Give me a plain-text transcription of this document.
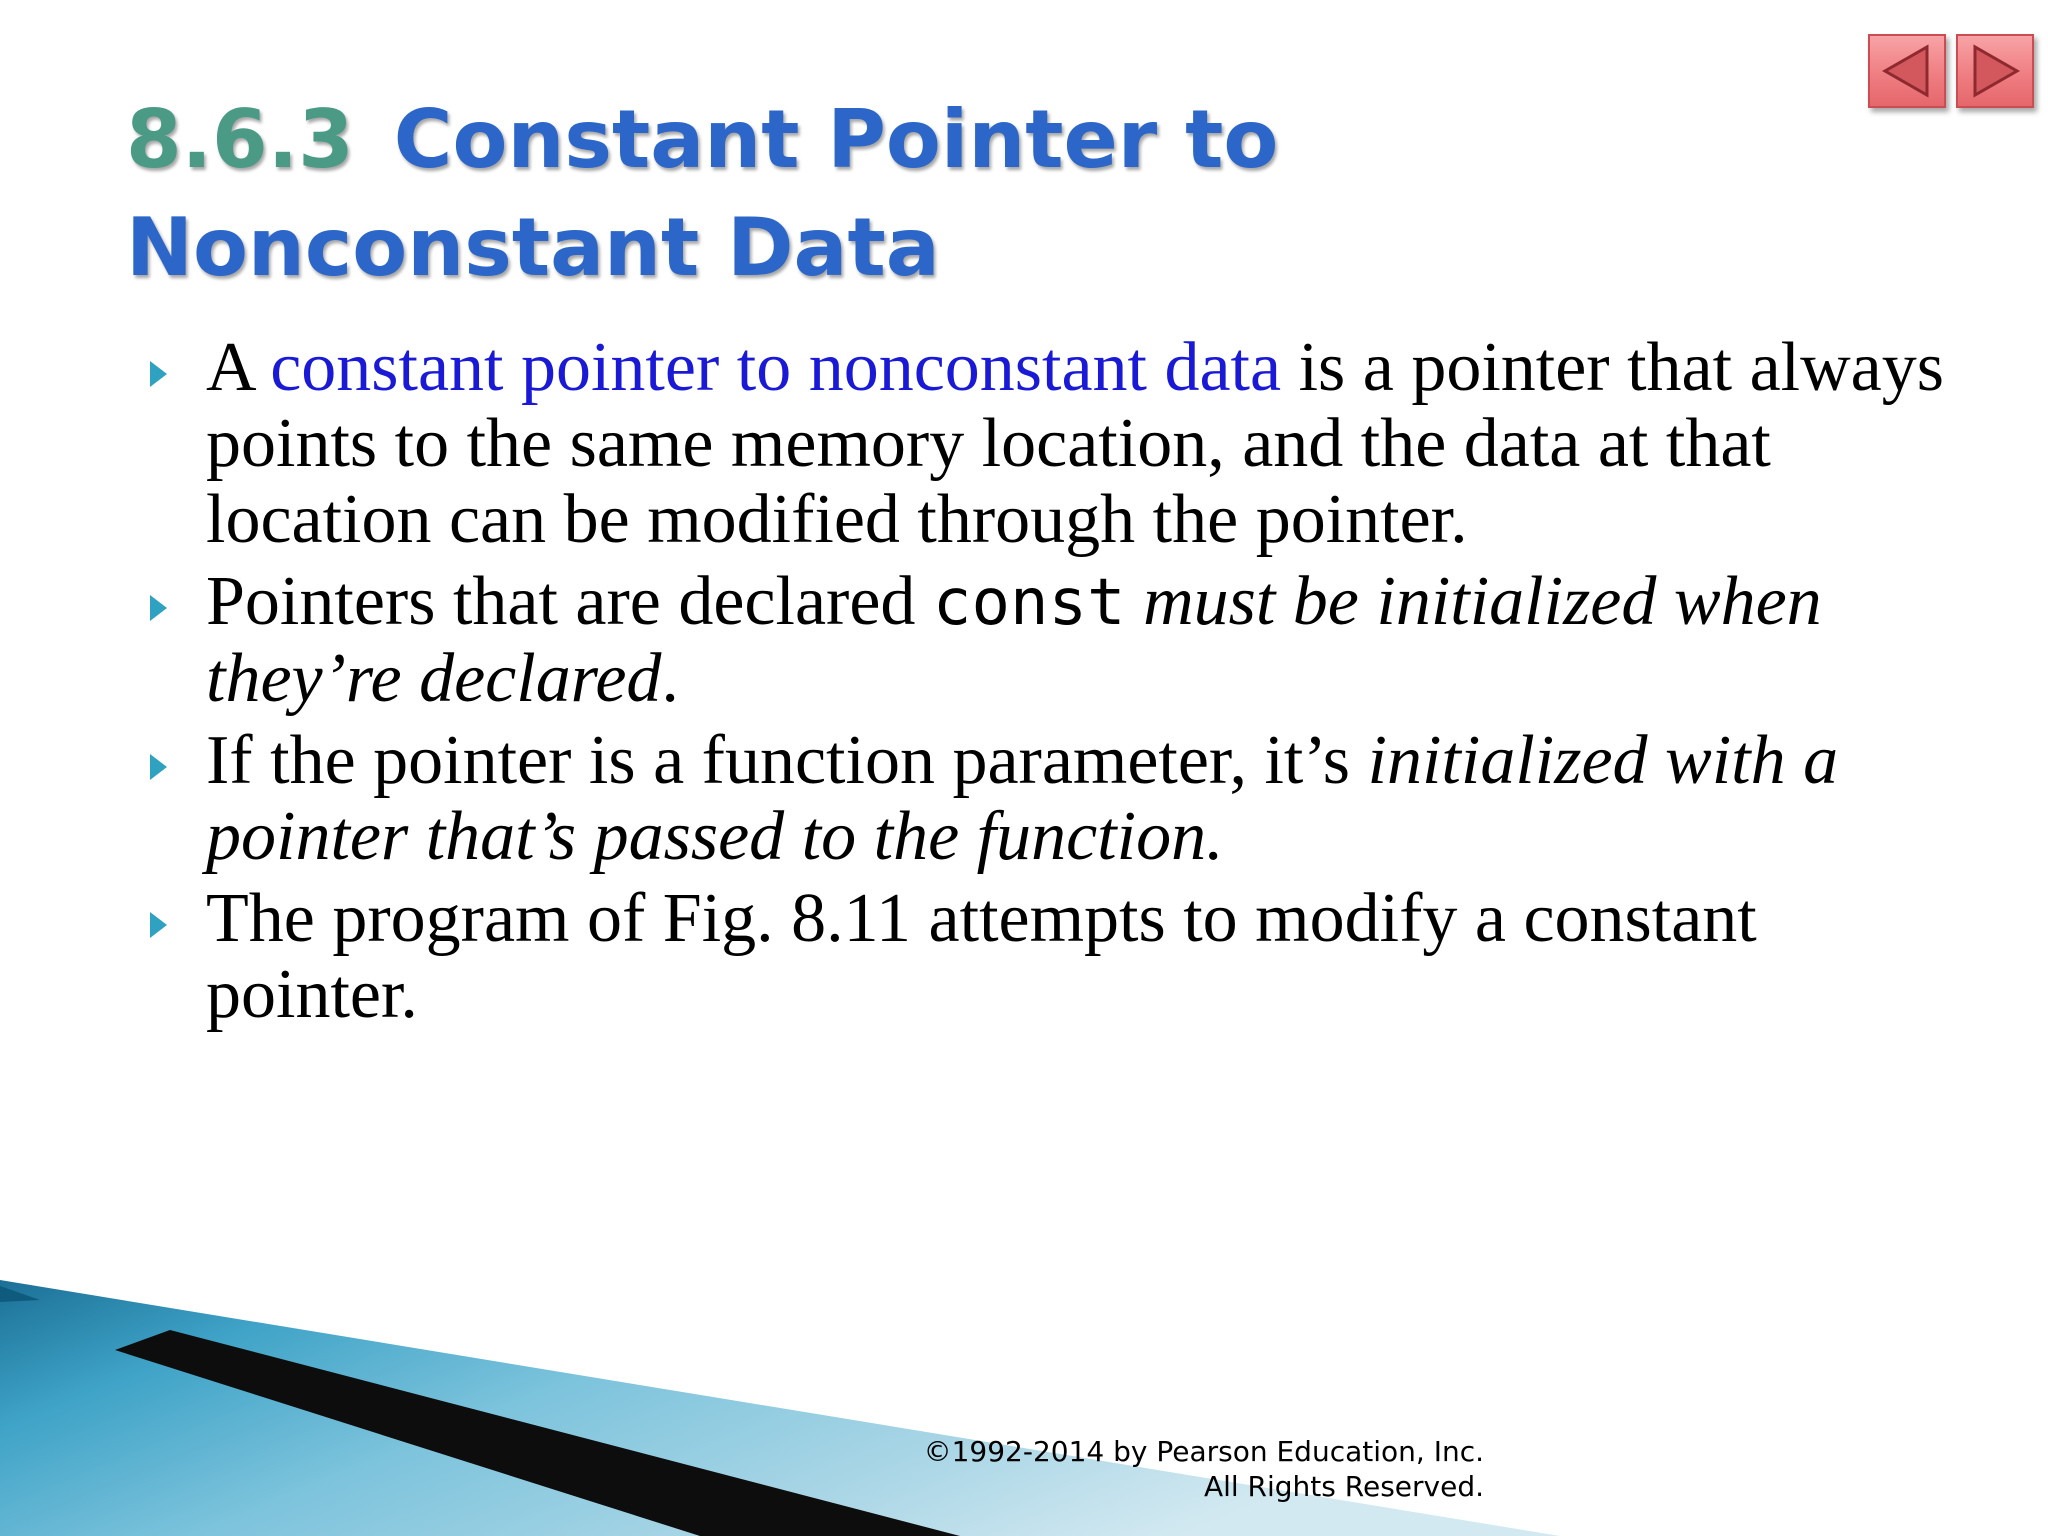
8.6.3 Constant Pointer to Nonconstant Data
A constant pointer to nonconstant data is a pointer that always points to the same memory location, and the data at that location can be modified through the pointer.
Pointers that are declared const must be initialized when they’re declared.
If the pointer is a function parameter, it’s initialized with a pointer that’s passed to the function.
The program of Fig. 8.11 attempts to modify a constant pointer.
©1992-2014 by Pearson Education, Inc.
All Rights Reserved.
